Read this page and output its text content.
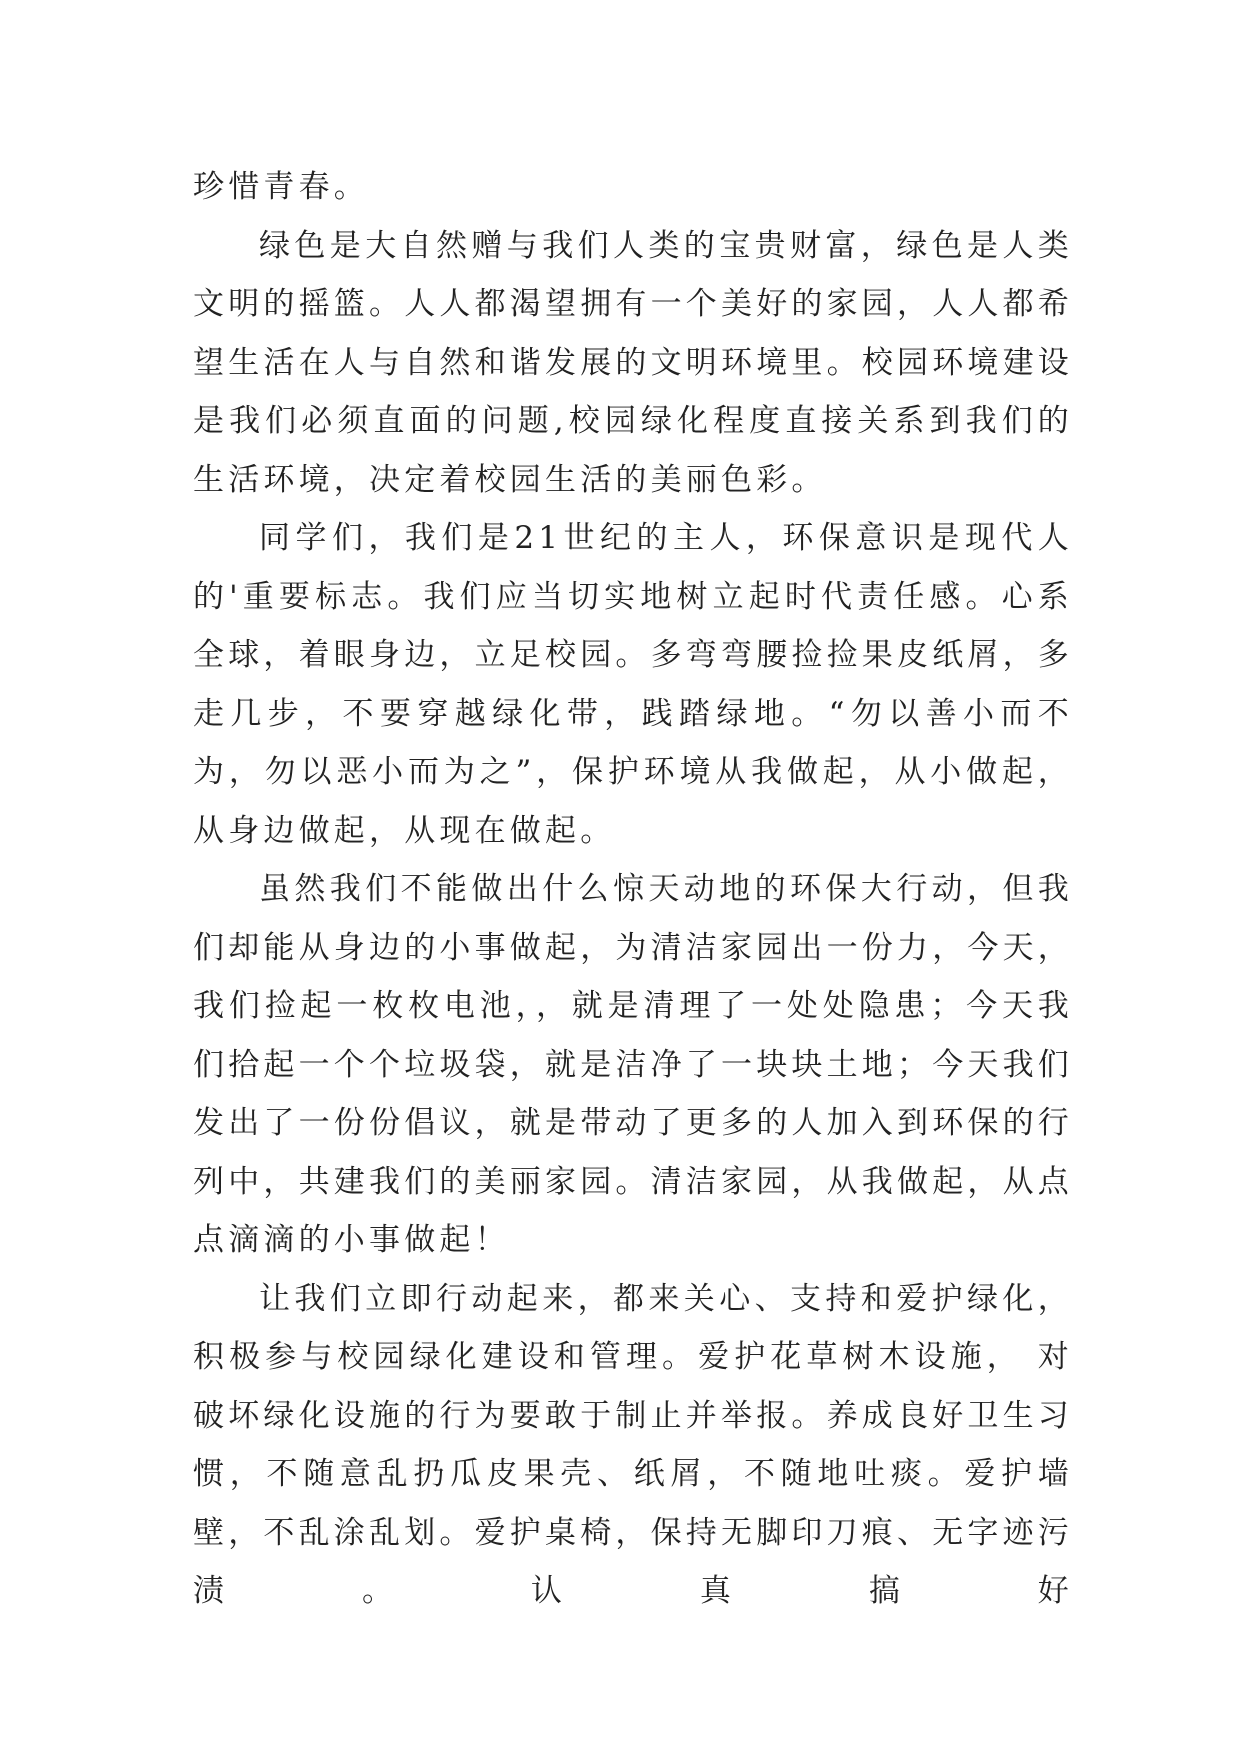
珍惜青春。

绿色是大自然赠与我们人类的宝贵财富，绿色是人类文明的摇篮。人人都渴望拥有一个美好的家园，人人都希望生活在人与自然和谐发展的文明环境里。校园环境建设是我们必须直面的问题,校园绿化程度直接关系到我们的生活环境，决定着校园生活的美丽色彩。

同学们，我们是21世纪的主人，环保意识是现代人的'重要标志。我们应当切实地树立起时代责任感。心系全球，着眼身边，立足校园。多弯弯腰捡捡果皮纸屑，多走几步，不要穿越绿化带，践踏绿地。“勿以善小而不为，勿以恶小而为之”，保护环境从我做起，从小做起，从身边做起，从现在做起。

虽然我们不能做出什么惊天动地的环保大行动，但我们却能从身边的小事做起，为清洁家园出一份力，今天，我们捡起一枚枚电池，，就是清理了一处处隐患；今天我们拾起一个个垃圾袋，就是洁净了一块块土地；今天我们发出了一份份倡议，就是带动了更多的人加入到环保的行列中，共建我们的美丽家园。清洁家园，从我做起，从点点滴滴的小事做起！

让我们立即行动起来，都来关心、支持和爱护绿化，积极参与校园绿化建设和管理。爱护花草树木设施， 对破坏绿化设施的行为要敢于制止并举报。养成良好卫生习惯，不随意乱扔瓜皮果壳、纸屑，不随地吐痰。爱护墙壁，不乱涂乱划。爱护桌椅，保持无脚印刀痕、无字迹污渍。认真搞好
